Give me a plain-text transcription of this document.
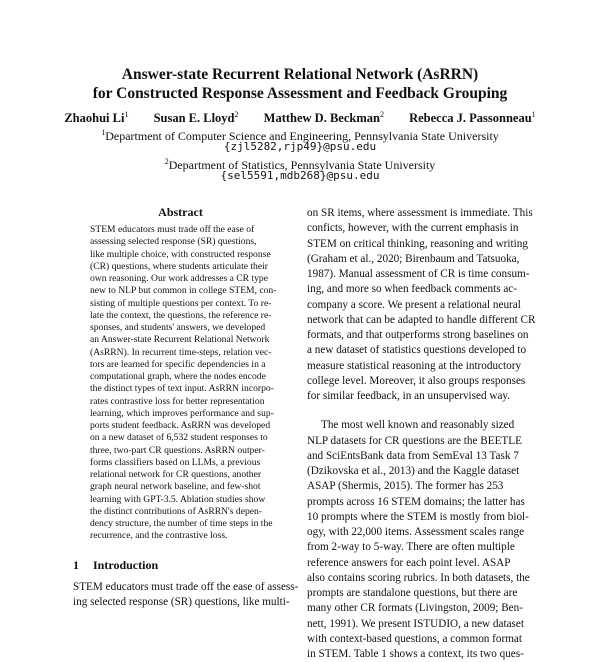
Answer-state Recurrent Relational Network (AsRRN)
for Constructed Response Assessment and Feedback Grouping
Zhaohui Li$^1$ Susan E. Lloyd$^2$ Matthew D. Beckman$^2$ Rebecca J. Passonneau$^1$
$^1$Department of Computer Science and Engineering, Pennsylvania State University
{zjl5282,rjp49}@psu.edu
$^2$Department of Statistics, Pennsylvania State University
{sel5591,mdb268}@psu.edu
Abstract
STEM educators must trade off the ease of
assessing selected response (SR) questions,
like multiple choice, with constructed response
(CR) questions, where students articulate their
own reasoning. Our work addresses a CR type
new to NLP but common in college STEM, con-
sisting of multiple questions per context. To re-
late the context, the questions, the reference re-
sponses, and students' answers, we developed
an Answer-state Recurrent Relational Network
(AsRRN). In recurrent time-steps, relation vec-
tors are learned for specific dependencies in a
computational graph, where the nodes encode
the distinct types of text input. AsRRN incorpo-
rates contrastive loss for better representation
learning, which improves performance and sup-
ports student feedback. AsRRN was developed
on a new dataset of 6,532 student responses to
three, two-part CR questions. AsRRN outper-
forms classifiers based on LLMs, a previous
relational network for CR questions, another
graph neural network baseline, and few-shot
learning with GPT-3.5. Ablation studies show
the distinct contributions of AsRRN's depen-
dency structure, the number of time steps in the
recurrence, and the contrastive loss.
1 Introduction
STEM educators must trade off the ease of assess-
ing selected response (SR) questions, like multi-
on SR items, where assessment is immediate. This
conficts, however, with the current emphasis in
STEM on critical thinking, reasoning and writing
(Graham et al., 2020; Birenbaum and Tatsuoka,
1987). Manual assessment of CR is time consum-
ing, and more so when feedback comments ac-
company a score. We present a relational neural
network that can be adapted to handle different CR
formats, and that outperforms strong baselines on
a new dataset of statistics questions developed to
measure statistical reasoning at the introductory
college level. Moreover, it also groups responses
for similar feedback, in an unsupervised way.
The most well known and reasonably sized
NLP datasets for CR questions are the BEETLE
and SciEntsBank data from SemEval 13 Task 7
(Dzikovska et al., 2013) and the Kaggle dataset
ASAP (Shermis, 2015). The former has 253
prompts across 16 STEM domains; the latter has
10 prompts where the STEM is mostly from biol-
ogy, with 22,000 items. Assessment scales range
from 2-way to 5-way. There are often multiple
reference answers for each point level. ASAP
also contains scoring rubrics. In both datasets, the
prompts are standalone questions, but there are
many other CR formats (Livingston, 2009; Ben-
nett, 1991). We present ISTUDIO, a new dataset
with context-based questions, a common format
in STEM. Table 1 shows a context, its two ques-
